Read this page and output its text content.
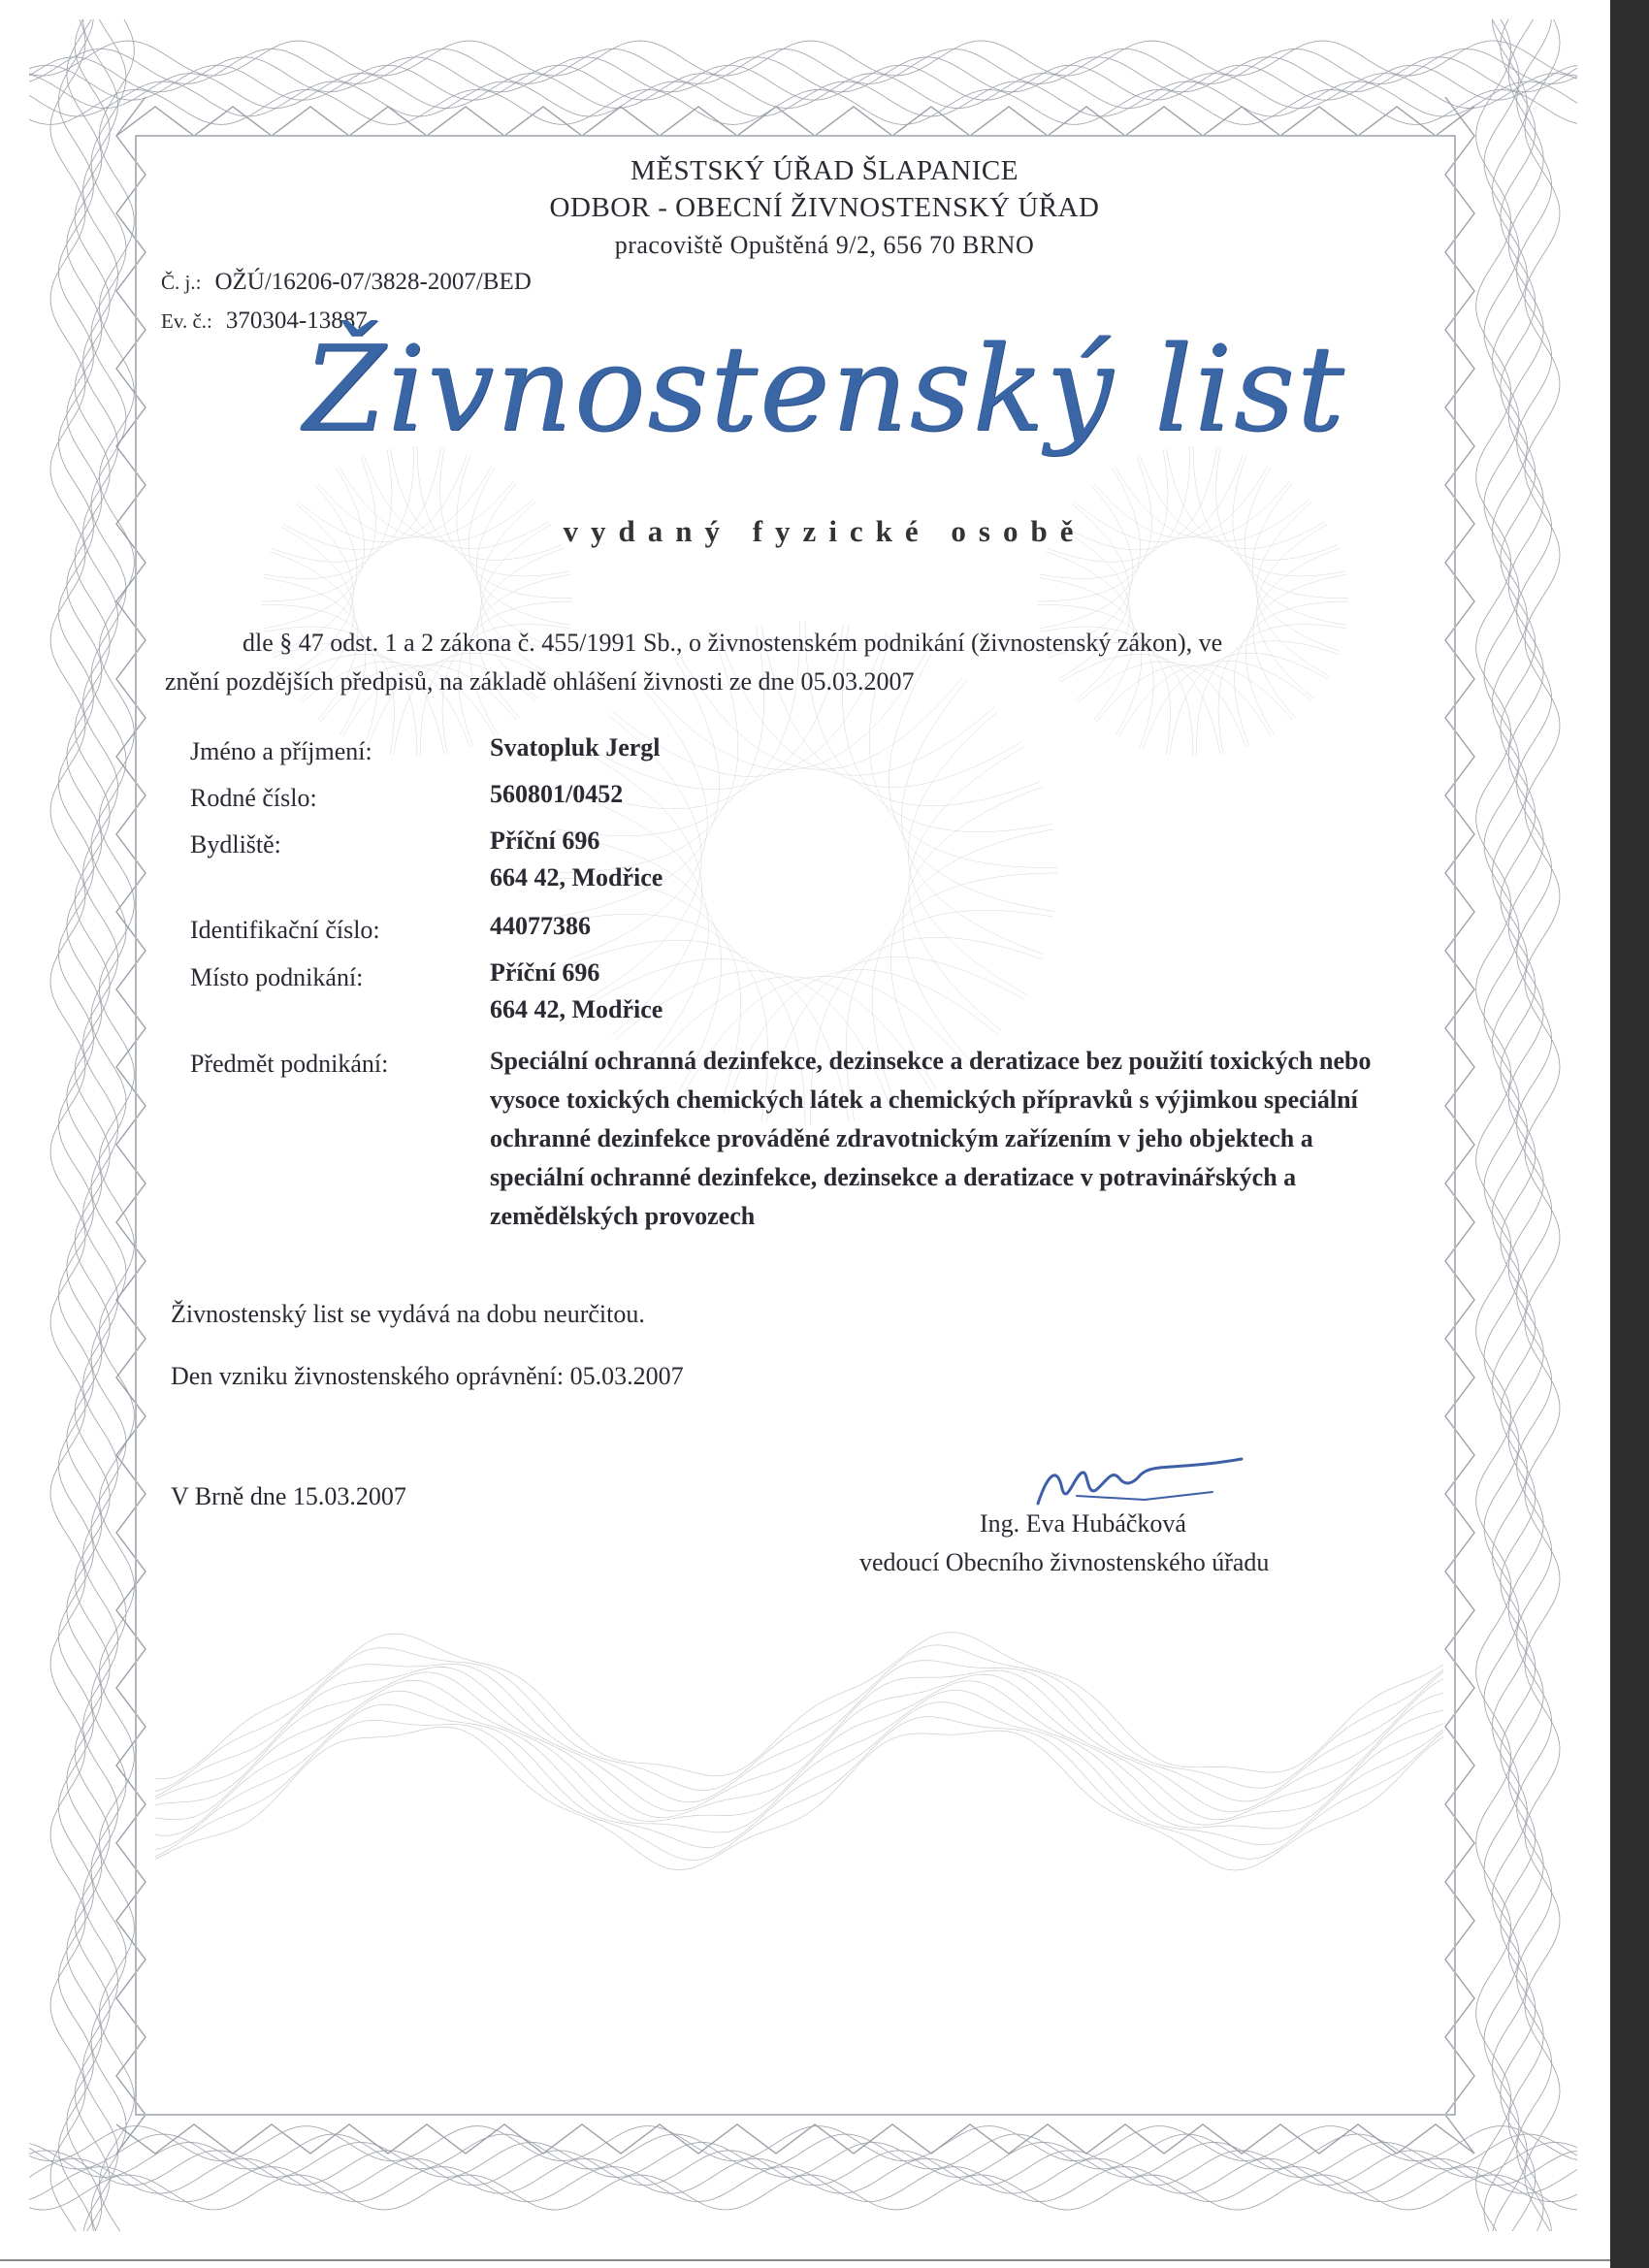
MĚSTSKÝ ÚŘAD ŠLAPANICE
ODBOR - OBECNÍ ŽIVNOSTENSKÝ ÚŘAD
pracoviště Opuštěná 9/2, 656 70 BRNO
Č. j.: OŽÚ/16206-07/3828-2007/BED
Ev. č.: 370304-13887
Živnostenský list
vydaný fyzické osobě
dle § 47 odst. 1 a 2 zákona č. 455/1991 Sb., o živnostenském podnikání (živnostenský zákon), ve
znění pozdějších předpisů, na základě ohlášení živnosti ze dne 05.03.2007
Jméno a příjmení:	Svatopluk Jergl
Rodné číslo:	560801/0452
Bydliště:	Příční 696
664 42, Modřice
Identifikační číslo:	44077386
Místo podnikání:	Příční 696
664 42, Modřice
Předmět podnikání:	Speciální ochranná dezinfekce, dezinsekce a deratizace bez použití toxických nebo vysoce toxických chemických látek a chemických přípravků s výjimkou speciální ochranné dezinfekce prováděné zdravotnickým zařízením v jeho objektech a speciální ochranné dezinfekce, dezinsekce a deratizace v potravinářských a zemědělských provozech
Živnostenský list se vydává na dobu neurčitou.
Den vzniku živnostenského oprávnění: 05.03.2007
V Brně dne 15.03.2007
Ing. Eva Hubáčková
vedoucí Obecního živnostenského úřadu
